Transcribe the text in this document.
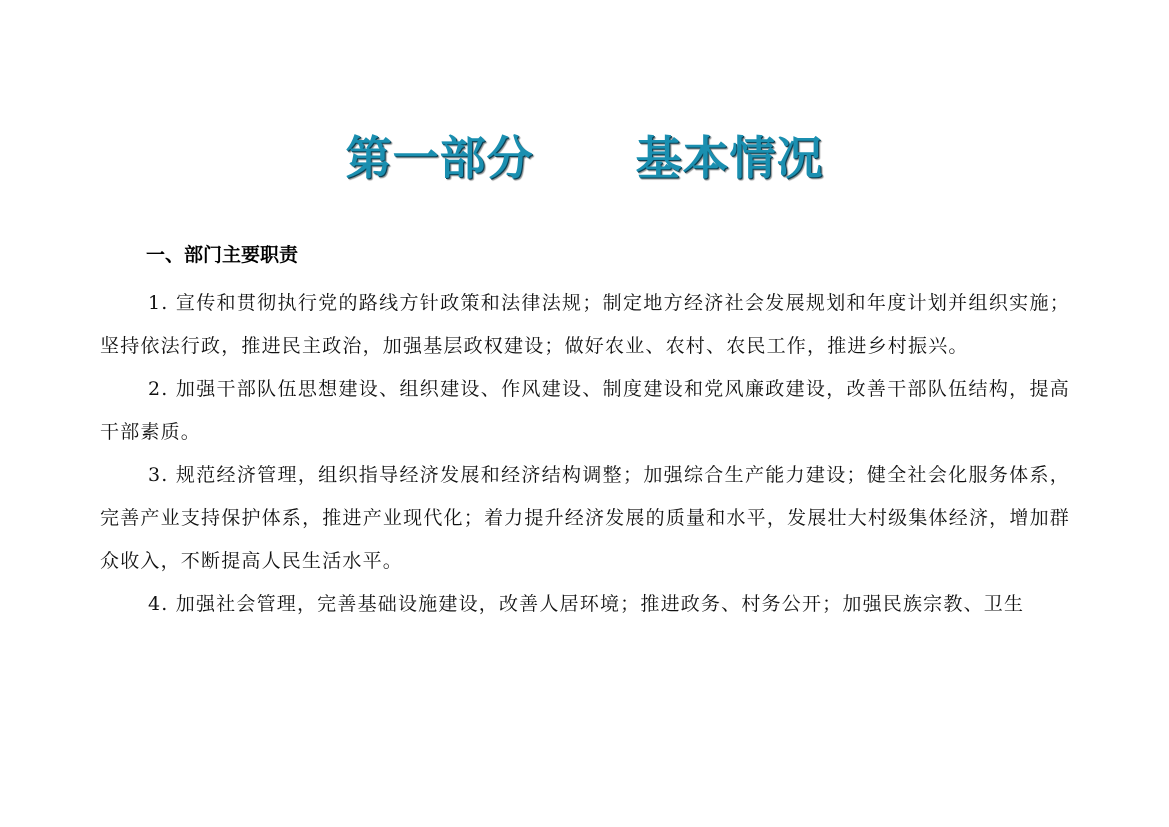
第一部分      基本情况
一、部门主要职责

1. 宣传和贯彻执行党的路线方针政策和法律法规；制定地方经济社会发展规划和年度计划并组织实施；坚持依法行政，推进民主政治，加强基层政权建设；做好农业、农村、农民工作，推进乡村振兴。

2. 加强干部队伍思想建设、组织建设、作风建设、制度建设和党风廉政建设，改善干部队伍结构，提高干部素质。

3. 规范经济管理，组织指导经济发展和经济结构调整；加强综合生产能力建设；健全社会化服务体系，完善产业支持保护体系，推进产业现代化；着力提升经济发展的质量和水平，发展壮大村级集体经济，增加群众收入，不断提高人民生活水平。

4. 加强社会管理，完善基础设施建设，改善人居环境；推进政务、村务公开；加强民族宗教、卫生
